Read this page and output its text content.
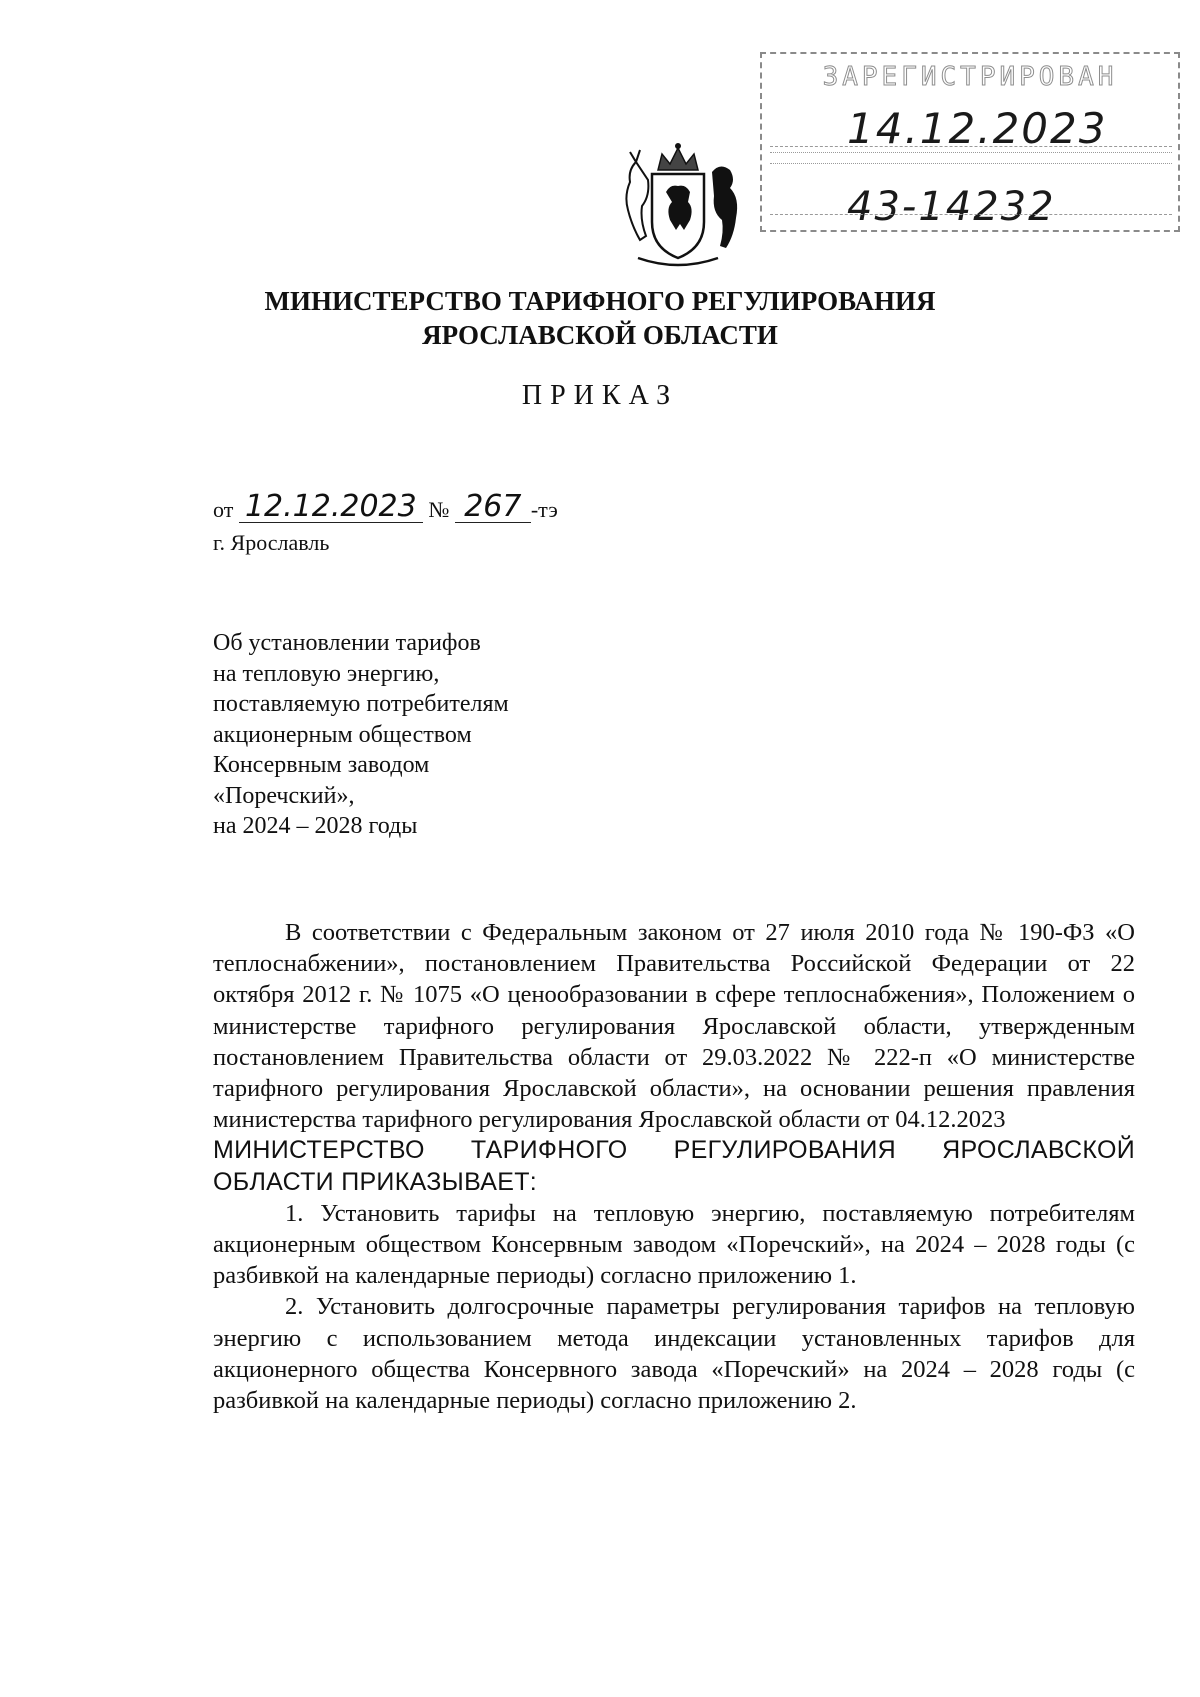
ЗАРЕГИСТРИРОВАН
14.12.2023
43-14232
МИНИСТЕРСТВО ТАРИФНОГО РЕГУЛИРОВАНИЯ
ЯРОСЛАВСКОЙ ОБЛАСТИ
ПРИКАЗ
от 12.12.2023 № 267 -тэ
г. Ярославль
Об установлении тарифов
на тепловую энергию,
поставляемую потребителям
акционерным обществом
Консервным заводом
«Поречский»,
на 2024 – 2028 годы

В соответствии с Федеральным законом от 27 июля 2010 года № 190-ФЗ «О теплоснабжении», постановлением Правительства Российской Федерации от 22 октября 2012 г. № 1075 «О ценообразовании в сфере теплоснабжения», Положением о министерстве тарифного регулирования Ярославской области, утвержденным постановлением Правительства области от 29.03.2022 № 222-п «О министерстве тарифного регулирования Ярославской области», на основании решения правления министерства тарифного регулирования Ярославской области от 04.12.2023

МИНИСТЕРСТВО ТАРИФНОГО РЕГУЛИРОВАНИЯ ЯРОСЛАВСКОЙ ОБЛАСТИ ПРИКАЗЫВАЕТ:

1. Установить тарифы на тепловую энергию, поставляемую потребителям акционерным обществом Консервным заводом «Поречский», на 2024 – 2028 годы (с разбивкой на календарные периоды) согласно приложению 1.

2. Установить долгосрочные параметры регулирования тарифов на тепловую энергию с использованием метода индексации установленных тарифов для акционерного общества Консервного завода «Поречский» на 2024 – 2028 годы (с разбивкой на календарные периоды) согласно приложению 2.
